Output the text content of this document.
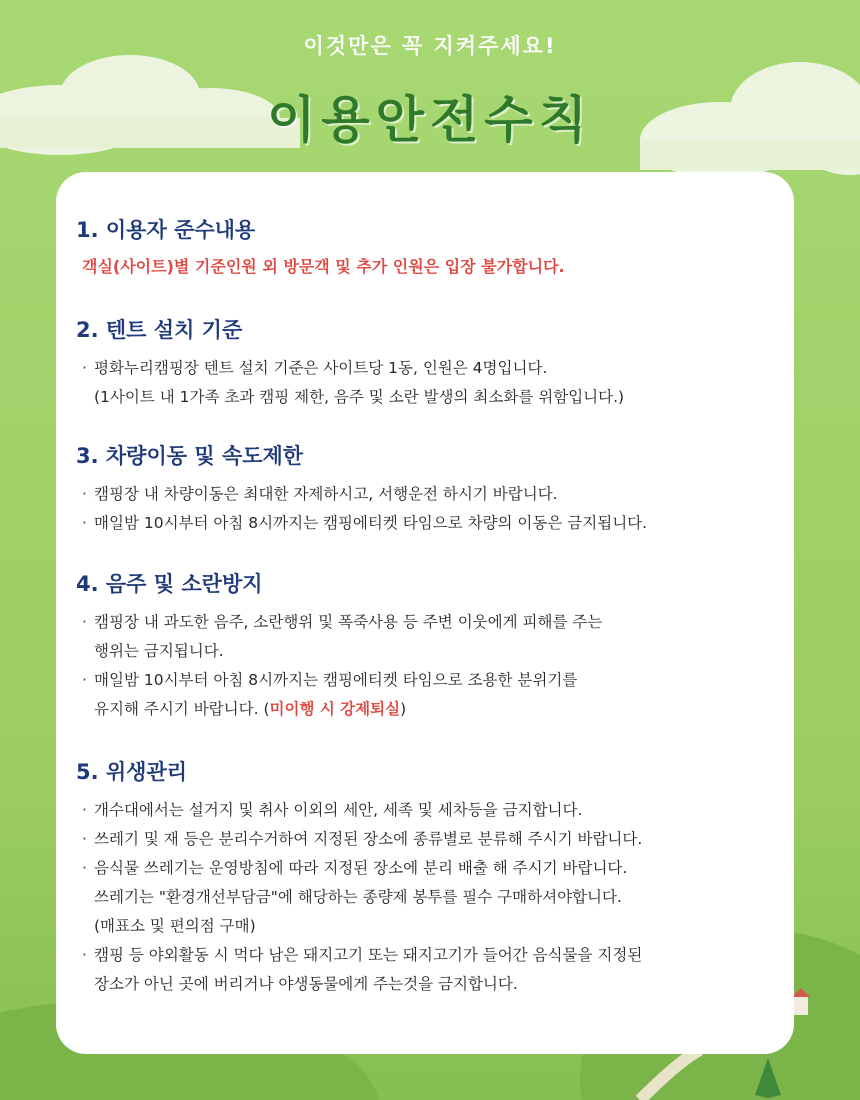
이것만은 꼭 지켜주세요!
이용안전수칙
1. 이용자 준수내용
객실(사이트)별 기준인원 외 방문객 및 추가 인원은 입장 불가합니다.
2. 텐트 설치 기준
· 평화누리캠핑장 텐트 설치 기준은 사이트당 1동, 인원은 4명입니다.
(1사이트 내 1가족 초과 캠핑 제한, 음주 및 소란 발생의 최소화를 위함입니다.)
3. 차량이동 및 속도제한
· 캠핑장 내 차량이동은 최대한 자제하시고, 서행운전 하시기 바랍니다.
· 매일밤 10시부터 아침 8시까지는 캠핑에티켓 타임으로 차량의 이동은 금지됩니다.
4. 음주 및 소란방지
· 캠핑장 내 과도한 음주, 소란행위 및 폭죽사용 등 주변 이웃에게 피해를 주는
행위는 금지됩니다.
· 매일밤 10시부터 아침 8시까지는 캠핑에티켓 타임으로 조용한 분위기를
유지해 주시기 바랍니다. (미이행 시 강제퇴실)
5. 위생관리
· 개수대에서는 설거지 및 취사 이외의 세안, 세족 및 세차등을 금지합니다.
· 쓰레기 및 재 등은 분리수거하여 지정된 장소에 종류별로 분류해 주시기 바랍니다.
· 음식물 쓰레기는 운영방침에 따라 지정된 장소에 분리 배출 해 주시기 바랍니다.
쓰레기는 "환경개선부담금"에 해당하는 종량제 봉투를 필수 구매하셔야합니다.
(매표소 및 편의점 구매)
· 캠핑 등 야외활동 시 먹다 남은 돼지고기 또는 돼지고기가 들어간 음식물을 지정된
장소가 아닌 곳에 버리거나 야생동물에게 주는것을 금지합니다.
